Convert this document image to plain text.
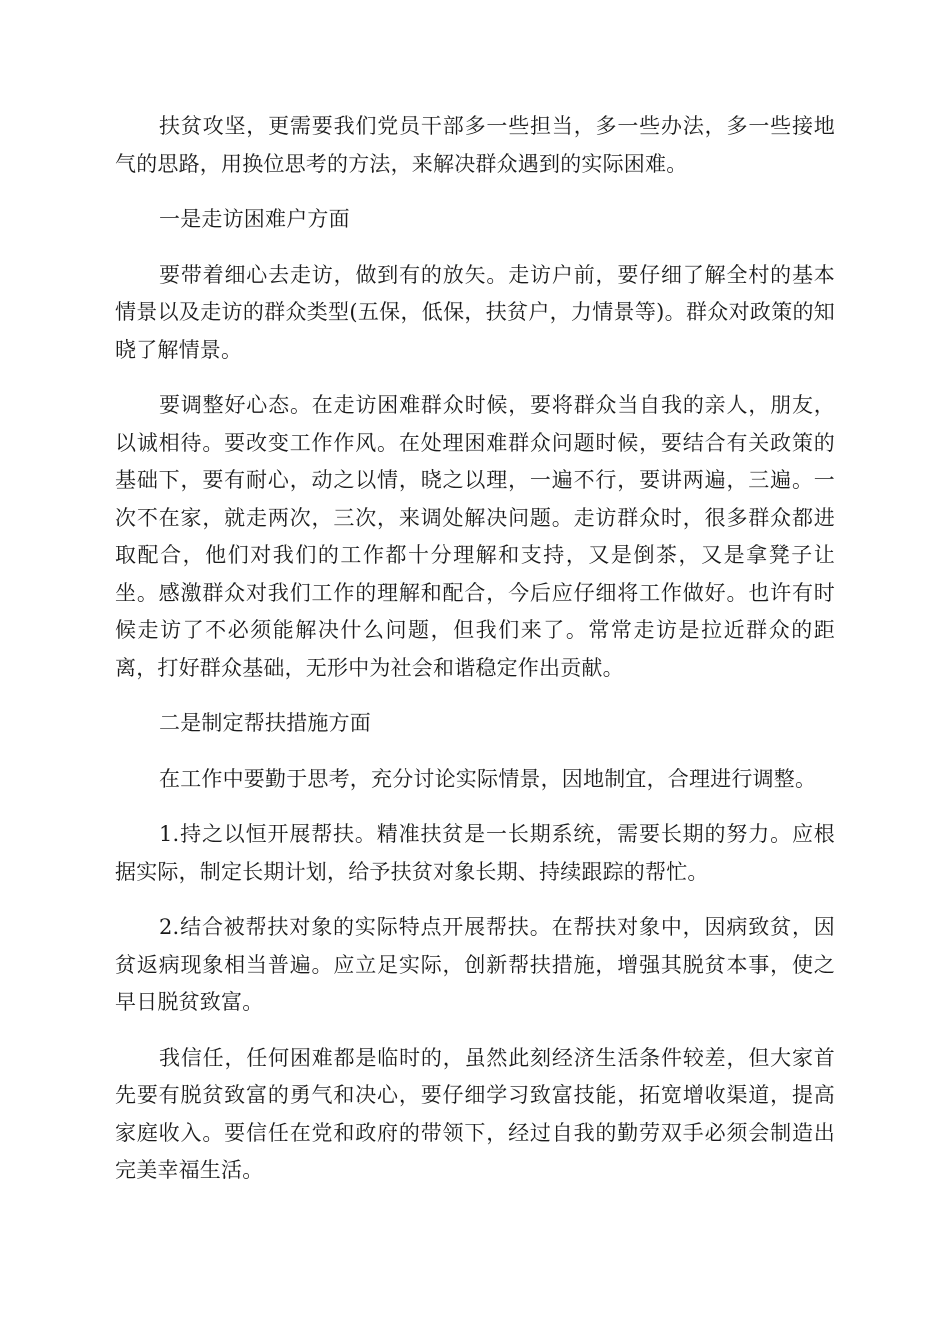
扶贫攻坚，更需要我们党员干部多一些担当，多一些办法，多一些接地气的思路，用换位思考的方法，来解决群众遇到的实际困难。

一是走访困难户方面

要带着细心去走访，做到有的放矢。走访户前，要仔细了解全村的基本情景以及走访的群众类型(五保，低保，扶贫户，力情景等)。群众对政策的知晓了解情景。

要调整好心态。在走访困难群众时候，要将群众当自我的亲人，朋友，以诚相待。要改变工作作风。在处理困难群众问题时候，要结合有关政策的基础下，要有耐心，动之以情，晓之以理，一遍不行，要讲两遍，三遍。一次不在家，就走两次，三次，来调处解决问题。走访群众时，很多群众都进取配合，他们对我们的工作都十分理解和支持，又是倒茶，又是拿凳子让坐。感激群众对我们工作的理解和配合，今后应仔细将工作做好。也许有时候走访了不必须能解决什么问题，但我们来了。常常走访是拉近群众的距离，打好群众基础，无形中为社会和谐稳定作出贡献。

二是制定帮扶措施方面

在工作中要勤于思考，充分讨论实际情景，因地制宜，合理进行调整。

1.持之以恒开展帮扶。精准扶贫是一长期系统，需要长期的努力。应根据实际，制定长期计划，给予扶贫对象长期、持续跟踪的帮忙。

2.结合被帮扶对象的实际特点开展帮扶。在帮扶对象中，因病致贫，因贫返病现象相当普遍。应立足实际，创新帮扶措施，增强其脱贫本事，使之早日脱贫致富。

我信任，任何困难都是临时的，虽然此刻经济生活条件较差，但大家首先要有脱贫致富的勇气和决心，要仔细学习致富技能，拓宽增收渠道，提高家庭收入。要信任在党和政府的带领下，经过自我的勤劳双手必须会制造出完美幸福生活。
